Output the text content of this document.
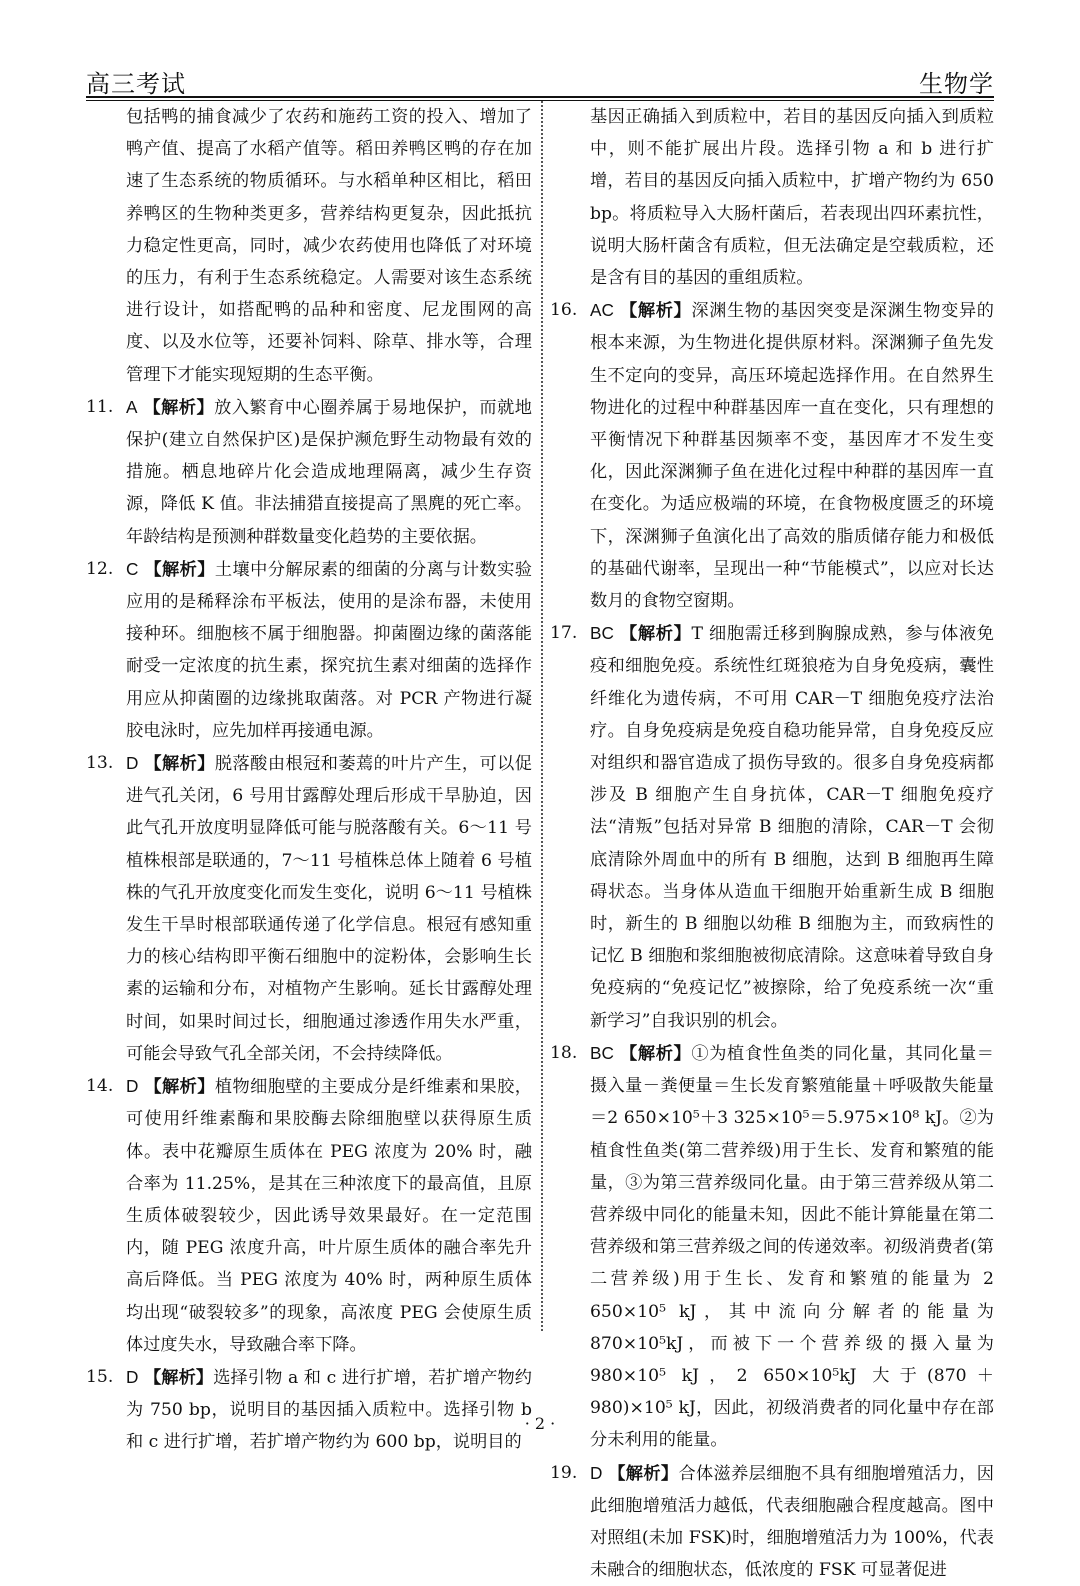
高三考试	生物学

包括鸭的捕食减少了农药和施药工资的投入、增加了鸭产值、提高了水稻产值等。稻田养鸭区鸭的存在加速了生态系统的物质循环。与水稻单种区相比，稻田养鸭区的生物种类更多，营养结构更复杂，因此抵抗力稳定性更高，同时，减少农药使用也降低了对环境的压力，有利于生态系统稳定。人需要对该生态系统进行设计，如搭配鸭的品种和密度、尼龙围网的高度、以及水位等，还要补饲料、除草、排水等，合理管理下才能实现短期的生态平衡。

11. A 【解析】放入繁育中心圈养属于易地保护，而就地保护(建立自然保护区)是保护濒危野生动物最有效的措施。栖息地碎片化会造成地理隔离，减少生存资源，降低 K 值。非法捕猎直接提高了黑麂的死亡率。年龄结构是预测种群数量变化趋势的主要依据。

12. C 【解析】土壤中分解尿素的细菌的分离与计数实验应用的是稀释涂布平板法，使用的是涂布器，未使用接种环。细胞核不属于细胞器。抑菌圈边缘的菌落能耐受一定浓度的抗生素，探究抗生素对细菌的选择作用应从抑菌圈的边缘挑取菌落。对 PCR 产物进行凝胶电泳时，应先加样再接通电源。

13. D 【解析】脱落酸由根冠和萎蔫的叶片产生，可以促进气孔关闭，6 号用甘露醇处理后形成干旱胁迫，因此气孔开放度明显降低可能与脱落酸有关。6～11 号植株根部是联通的，7～11 号植株总体上随着 6 号植株的气孔开放度变化而发生变化，说明 6～11 号植株发生干旱时根部联通传递了化学信息。根冠有感知重力的核心结构即平衡石细胞中的淀粉体，会影响生长素的运输和分布，对植物产生影响。延长甘露醇处理时间，如果时间过长，细胞通过渗透作用失水严重，可能会导致气孔全部关闭，不会持续降低。

14. D 【解析】植物细胞壁的主要成分是纤维素和果胶，可使用纤维素酶和果胶酶去除细胞壁以获得原生质体。表中花瓣原生质体在 PEG 浓度为 20% 时，融合率为 11.25%，是其在三种浓度下的最高值，且原生质体破裂较少，因此诱导效果最好。在一定范围内，随 PEG 浓度升高，叶片原生质体的融合率先升高后降低。当 PEG 浓度为 40% 时，两种原生质体均出现“破裂较多”的现象，高浓度 PEG 会使原生质体过度失水，导致融合率下降。

15. D 【解析】选择引物 a 和 c 进行扩增，若扩增产物约为 750 bp，说明目的基因插入质粒中。选择引物 b 和 c 进行扩增，若扩增产物约为 600 bp，说明目的

基因正确插入到质粒中，若目的基因反向插入到质粒中，则不能扩展出片段。选择引物 a 和 b 进行扩增，若目的基因反向插入质粒中，扩增产物约为 650 bp。将质粒导入大肠杆菌后，若表现出四环素抗性，说明大肠杆菌含有质粒，但无法确定是空载质粒，还是含有目的基因的重组质粒。

16. AC 【解析】深渊生物的基因突变是深渊生物变异的根本来源，为生物进化提供原材料。深渊狮子鱼先发生不定向的变异，高压环境起选择作用。在自然界生物进化的过程中种群基因库一直在变化，只有理想的平衡情况下种群基因频率不变，基因库才不发生变化，因此深渊狮子鱼在进化过程中种群的基因库一直在变化。为适应极端的环境，在食物极度匮乏的环境下，深渊狮子鱼演化出了高效的脂质储存能力和极低的基础代谢率，呈现出一种“节能模式”，以应对长达数月的食物空窗期。

17. BC 【解析】T 细胞需迁移到胸腺成熟，参与体液免疫和细胞免疫。系统性红斑狼疮为自身免疫病，囊性纤维化为遗传病，不可用 CAR－T 细胞免疫疗法治疗。自身免疫病是免疫自稳功能异常，自身免疫反应对组织和器官造成了损伤导致的。很多自身免疫病都涉及 B 细胞产生自身抗体，CAR－T 细胞免疫疗法“清叛”包括对异常 B 细胞的清除，CAR－T 会彻底清除外周血中的所有 B 细胞，达到 B 细胞再生障碍状态。当身体从造血干细胞开始重新生成 B 细胞时，新生的 B 细胞以幼稚 B 细胞为主，而致病性的记忆 B 细胞和浆细胞被彻底清除。这意味着导致自身免疫病的“免疫记忆”被擦除，给了免疫系统一次“重新学习”自我识别的机会。

18. BC 【解析】①为植食性鱼类的同化量，其同化量＝摄入量－粪便量＝生长发育繁殖能量＋呼吸散失能量＝2 650×10⁵＋3 325×10⁵＝5.975×10⁸ kJ。②为植食性鱼类(第二营养级)用于生长、发育和繁殖的能量，③为第三营养级同化量。由于第三营养级从第二营养级中同化的能量未知，因此不能计算能量在第二营养级和第三营养级之间的传递效率。初级消费者(第二营养级)用于生长、发育和繁殖的能量为 2 650×10⁵ kJ，其中流向分解者的能量为 870×10⁵kJ，而被下一个营养级的摄入量为 980×10⁵ kJ，2 650×10⁵kJ 大于(870＋980)×10⁵ kJ，因此，初级消费者的同化量中存在部分未利用的能量。

19. D 【解析】合体滋养层细胞不具有细胞增殖活力，因此细胞增殖活力越低，代表细胞融合程度越高。图中对照组(未加 FSK)时，细胞增殖活力为 100%，代表未融合的细胞状态，低浓度的 FSK 可显著促进

· 2 ·
